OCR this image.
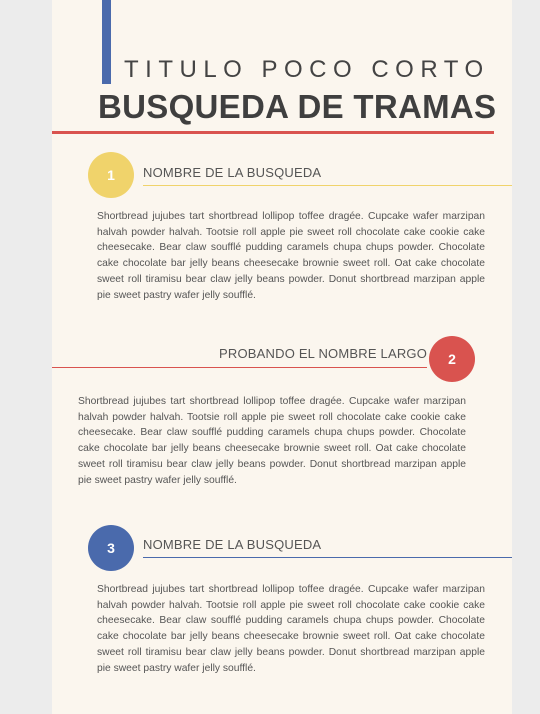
TITULO POCO CORTO
BUSQUEDA DE TRAMAS
1	NOMBRE DE LA BUSQUEDA

Shortbread jujubes tart shortbread lollipop toffee dragée. Cupcake wafer marzipan halvah powder halvah. Tootsie roll apple pie sweet roll chocolate cake cookie cake cheesecake. Bear claw soufflé pudding caramels chupa chups powder. Chocolate cake chocolate bar jelly beans cheesecake brownie sweet roll. Oat cake chocolate sweet roll tiramisu bear claw jelly beans powder. Donut shortbread marzipan apple pie sweet pastry wafer jelly soufflé.

PROBANDO EL NOMBRE LARGO	2

Shortbread jujubes tart shortbread lollipop toffee dragée. Cupcake wafer marzipan halvah powder halvah. Tootsie roll apple pie sweet roll chocolate cake cookie cake cheesecake. Bear claw soufflé pudding caramels chupa chups powder. Chocolate cake chocolate bar jelly beans cheesecake brownie sweet roll. Oat cake chocolate sweet roll tiramisu bear claw jelly beans powder. Donut shortbread marzipan apple pie sweet pastry wafer jelly soufflé.

3	NOMBRE DE LA BUSQUEDA

Shortbread jujubes tart shortbread lollipop toffee dragée. Cupcake wafer marzipan halvah powder halvah. Tootsie roll apple pie sweet roll chocolate cake cookie cake cheesecake. Bear claw soufflé pudding caramels chupa chups powder. Chocolate cake chocolate bar jelly beans cheesecake brownie sweet roll. Oat cake chocolate sweet roll tiramisu bear claw jelly beans powder. Donut shortbread marzipan apple pie sweet pastry wafer jelly soufflé.
